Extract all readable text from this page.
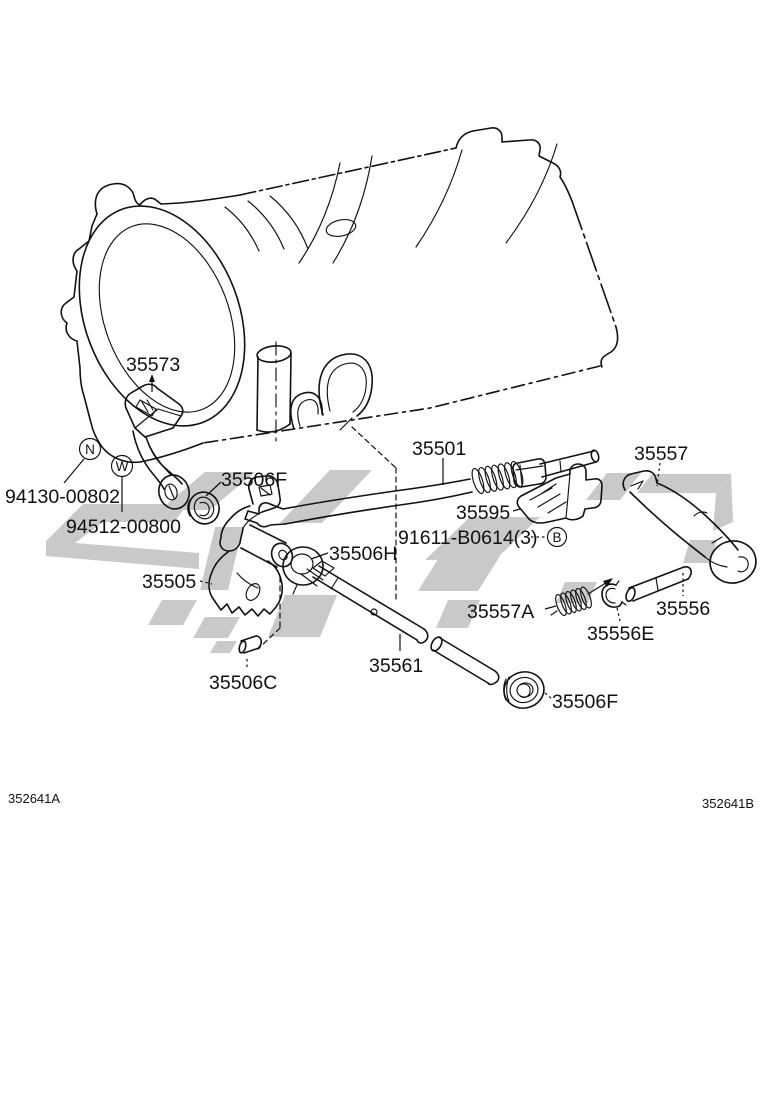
N
W
B
35573
94130-00802
94512-00800
35506F
35505
35506H
35501
35595
91611-B0614(3)
35557
35557A	35556
35556E
35561
35506C
35506F
352641A	352641B
